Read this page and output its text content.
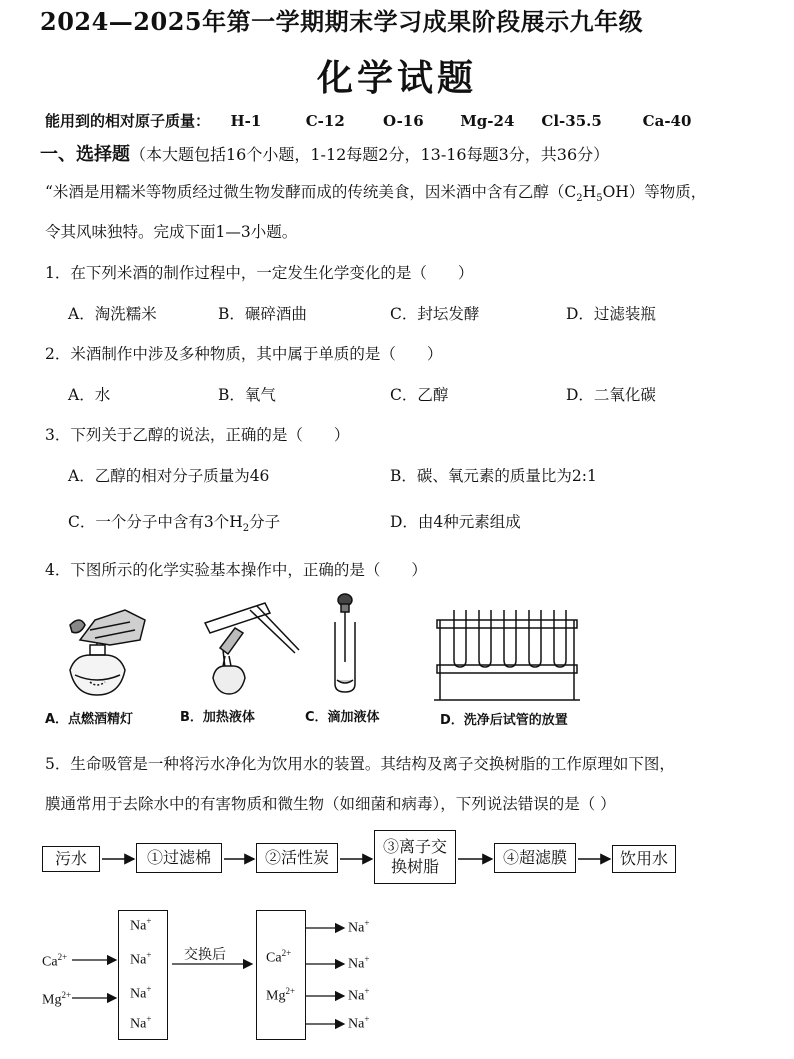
2024—2025年第一学期期末学习成果阶段展示九年级
化学试题
能用到的相对原子质量： H-1	C-12	O-16 Mg-24 Cl-35.5	Ca-40
一、选择题（本大题包括16个小题，1-12每题2分，13-16每题3分，共36分）
“米酒是用糯米等物质经过微生物发酵而成的传统美食，因米酒中含有乙醇$(C_2H_5OH)$等物质，
令其风味独特。完成下面1—3小题。
1．在下列米酒的制作过程中，一定发生化学变化的是（　　）
A．淘洗糯米	B．碾碎酒曲	C．封坛发酵	D．过滤装瓶
2．米酒制作中涉及多种物质，其中属于单质的是（　　）
A．水	B．氧气	C．乙醇	D．二氧化碳
3．下列关于乙醇的说法，正确的是（　　）
A．乙醇的相对分子质量为46	B．碳、氧元素的质量比为2:1
C．一个分子中含有3个$H_2$分子	D．由4种元素组成
4．下图所示的化学实验基本操作中，正确的是（　　）
A．点燃酒精灯	B．加热液体	C．滴加液体	D．洗净后试管的放置
5．生命吸管是一种将污水净化为饮用水的装置。其结构及离子交换树脂的工作原理如下图，
膜通常用于去除水中的有害物质和微生物（如细菌和病毒），下列说法错误的是（ ）
污水	①过滤棉	②活性炭
③离子交
换树脂	④超滤膜	饮用水
Na+
Na+
Na+
Na+
$Ca^{2+}$
$Mg^{2+}$
交换后	$Ca^{2+}$
$Mg^{2+}$
Na+
Na+
Na+
Na+
